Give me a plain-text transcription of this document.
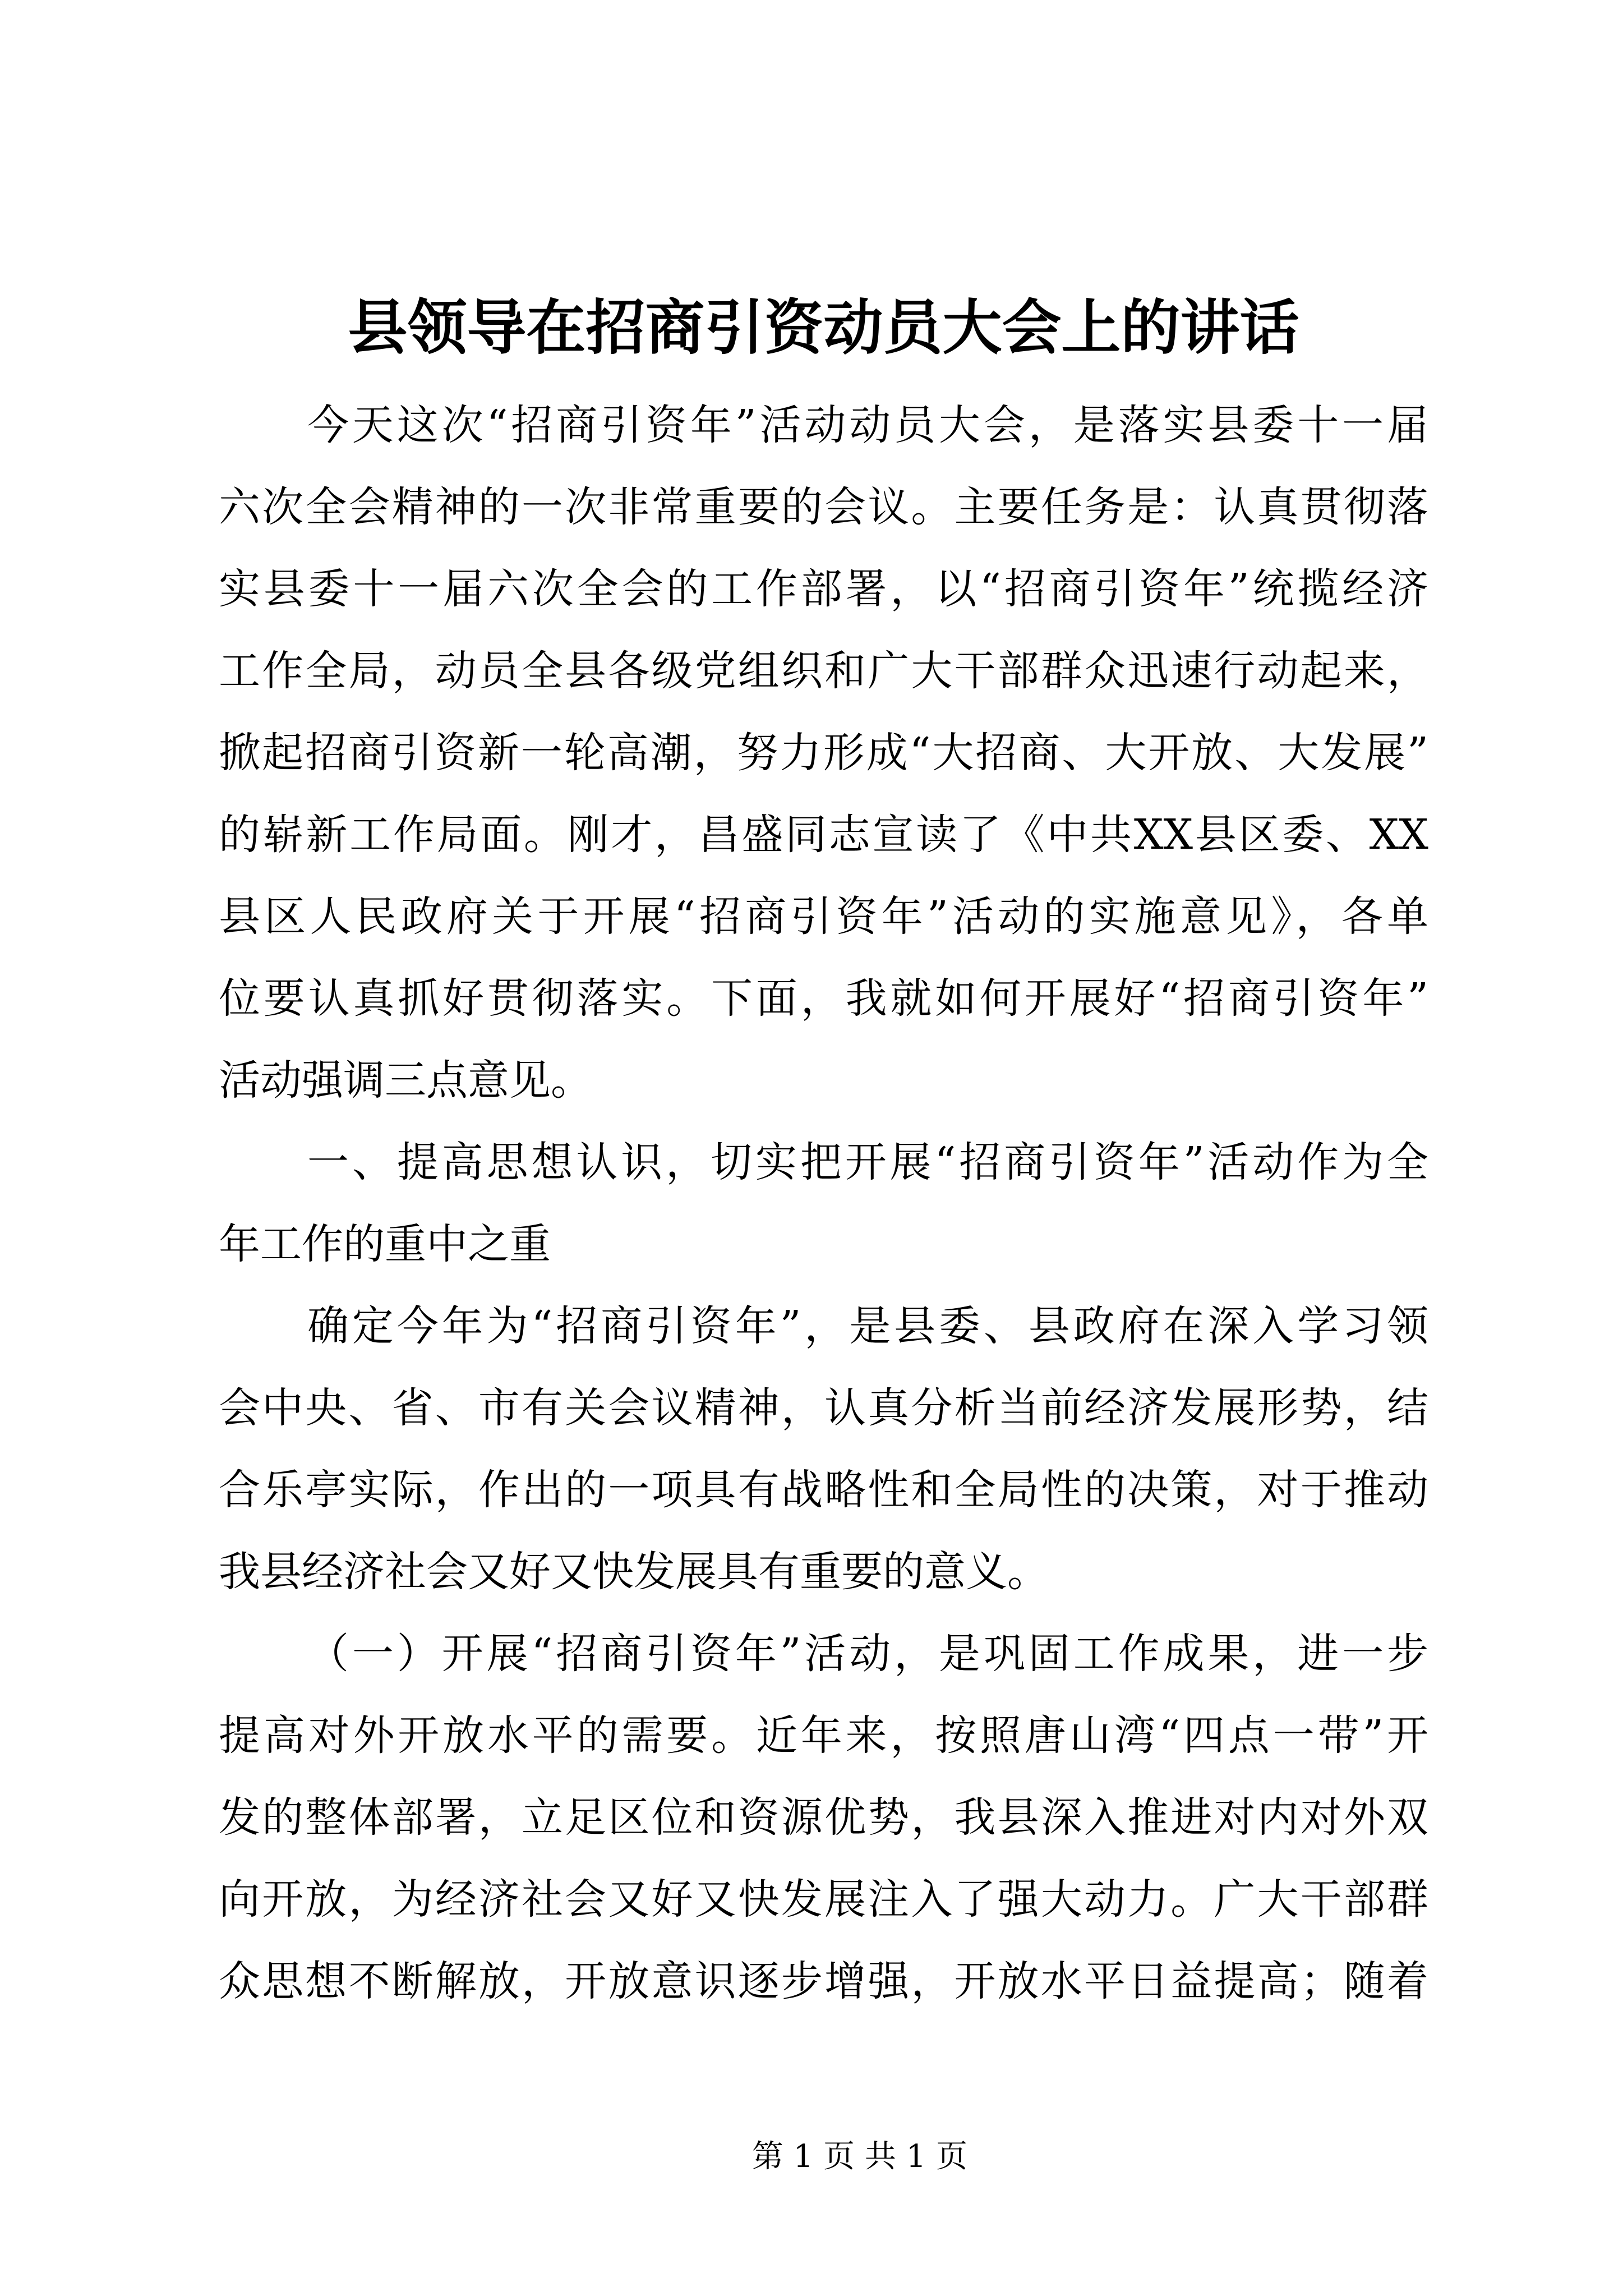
县领导在招商引资动员大会上的讲话
今天这次“招商引资年”活动动员大会，是落实县委十一届
六次全会精神的一次非常重要的会议。主要任务是：认真贯彻落
实县委十一届六次全会的工作部署，以“招商引资年”统揽经济
工作全局，动员全县各级党组织和广大干部群众迅速行动起来，
掀起招商引资新一轮高潮，努力形成“大招商、大开放、大发展”
的崭新工作局面。刚才，昌盛同志宣读了《中共XX县区委、XX
县区人民政府关于开展“招商引资年”活动的实施意见》，各单
位要认真抓好贯彻落实。下面，我就如何开展好“招商引资年”
活动强调三点意见。
一、提高思想认识，切实把开展“招商引资年”活动作为全
年工作的重中之重
确定今年为“招商引资年”，是县委、县政府在深入学习领
会中央、省、市有关会议精神，认真分析当前经济发展形势，结
合乐亭实际，作出的一项具有战略性和全局性的决策，对于推动
我县经济社会又好又快发展具有重要的意义。
（一）开展“招商引资年”活动，是巩固工作成果，进一步
提高对外开放水平的需要。近年来，按照唐山湾“四点一带”开
发的整体部署，立足区位和资源优势，我县深入推进对内对外双
向开放，为经济社会又好又快发展注入了强大动力。广大干部群
众思想不断解放，开放意识逐步增强，开放水平日益提高；随着
第 1 页 共 1 页
